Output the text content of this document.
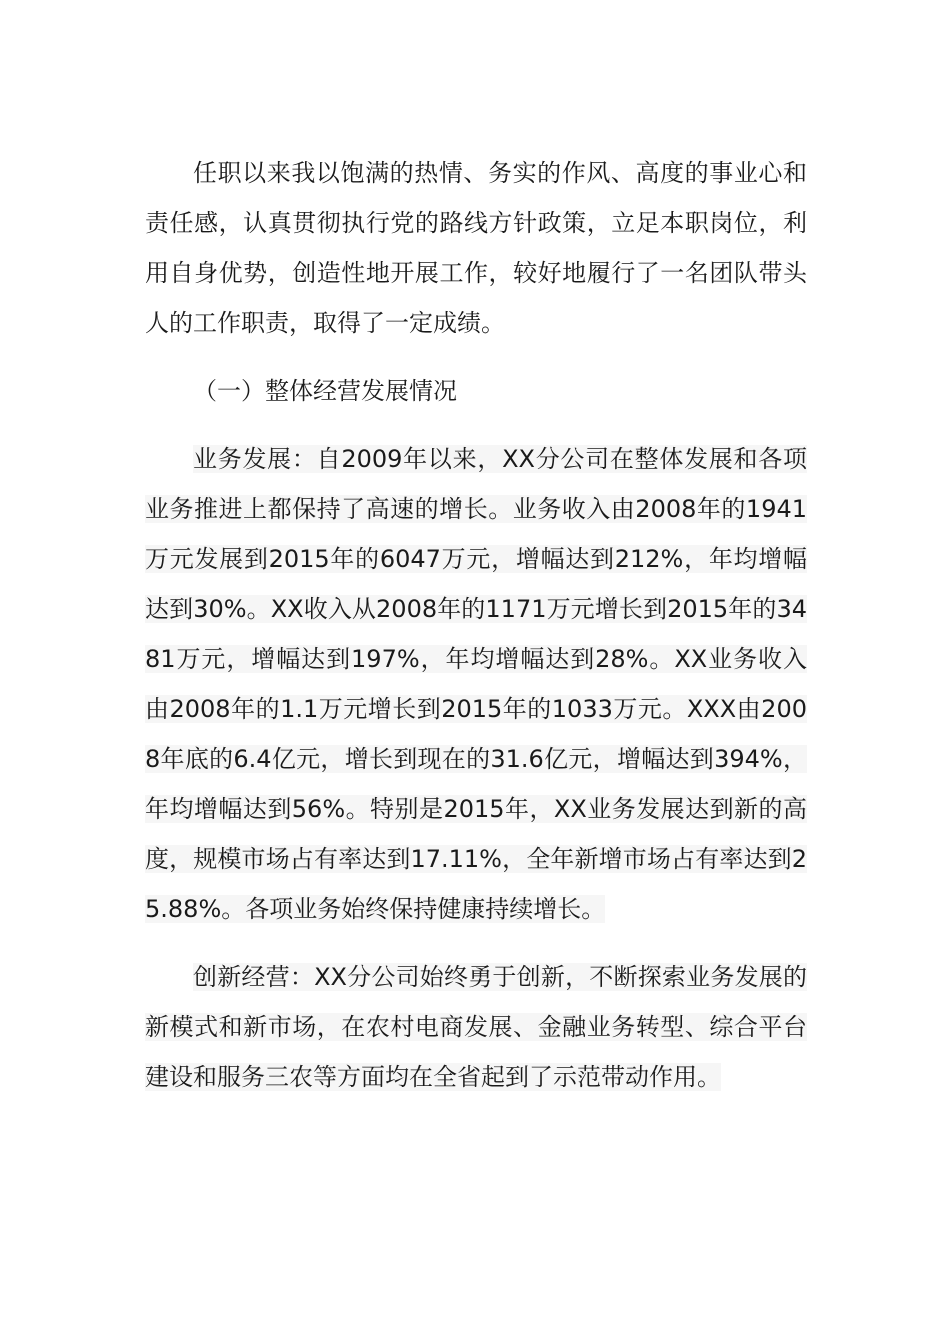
任职以来我以饱满的热情、务实的作风、高度的事业心和责任感，认真贯彻执行党的路线方针政策，立足本职岗位，利用自身优势，创造性地开展工作，较好地履行了一名团队带头人的工作职责，取得了一定成绩。

（一）整体经营发展情况

业务发展：自2009年以来，XX分公司在整体发展和各项业务推进上都保持了高速的增长。业务收入由2008年的1941万元发展到2015年的6047万元，增幅达到212%，年均增幅达到30%。XX收入从2008年的1171万元增长到2015年的3481万元，增幅达到197%，年均增幅达到28%。XX业务收入由2008年的1.1万元增长到2015年的1033万元。XXX由2008年底的6.4亿元，增长到现在的31.6亿元，增幅达到394%，年均增幅达到56%。特别是2015年，XX业务发展达到新的高度，规模市场占有率达到17.11%，全年新增市场占有率达到25.88%。各项业务始终保持健康持续增长。

创新经营：XX分公司始终勇于创新，不断探索业务发展的新模式和新市场，在农村电商发展、金融业务转型、综合平台建设和服务三农等方面均在全省起到了示范带动作用。
